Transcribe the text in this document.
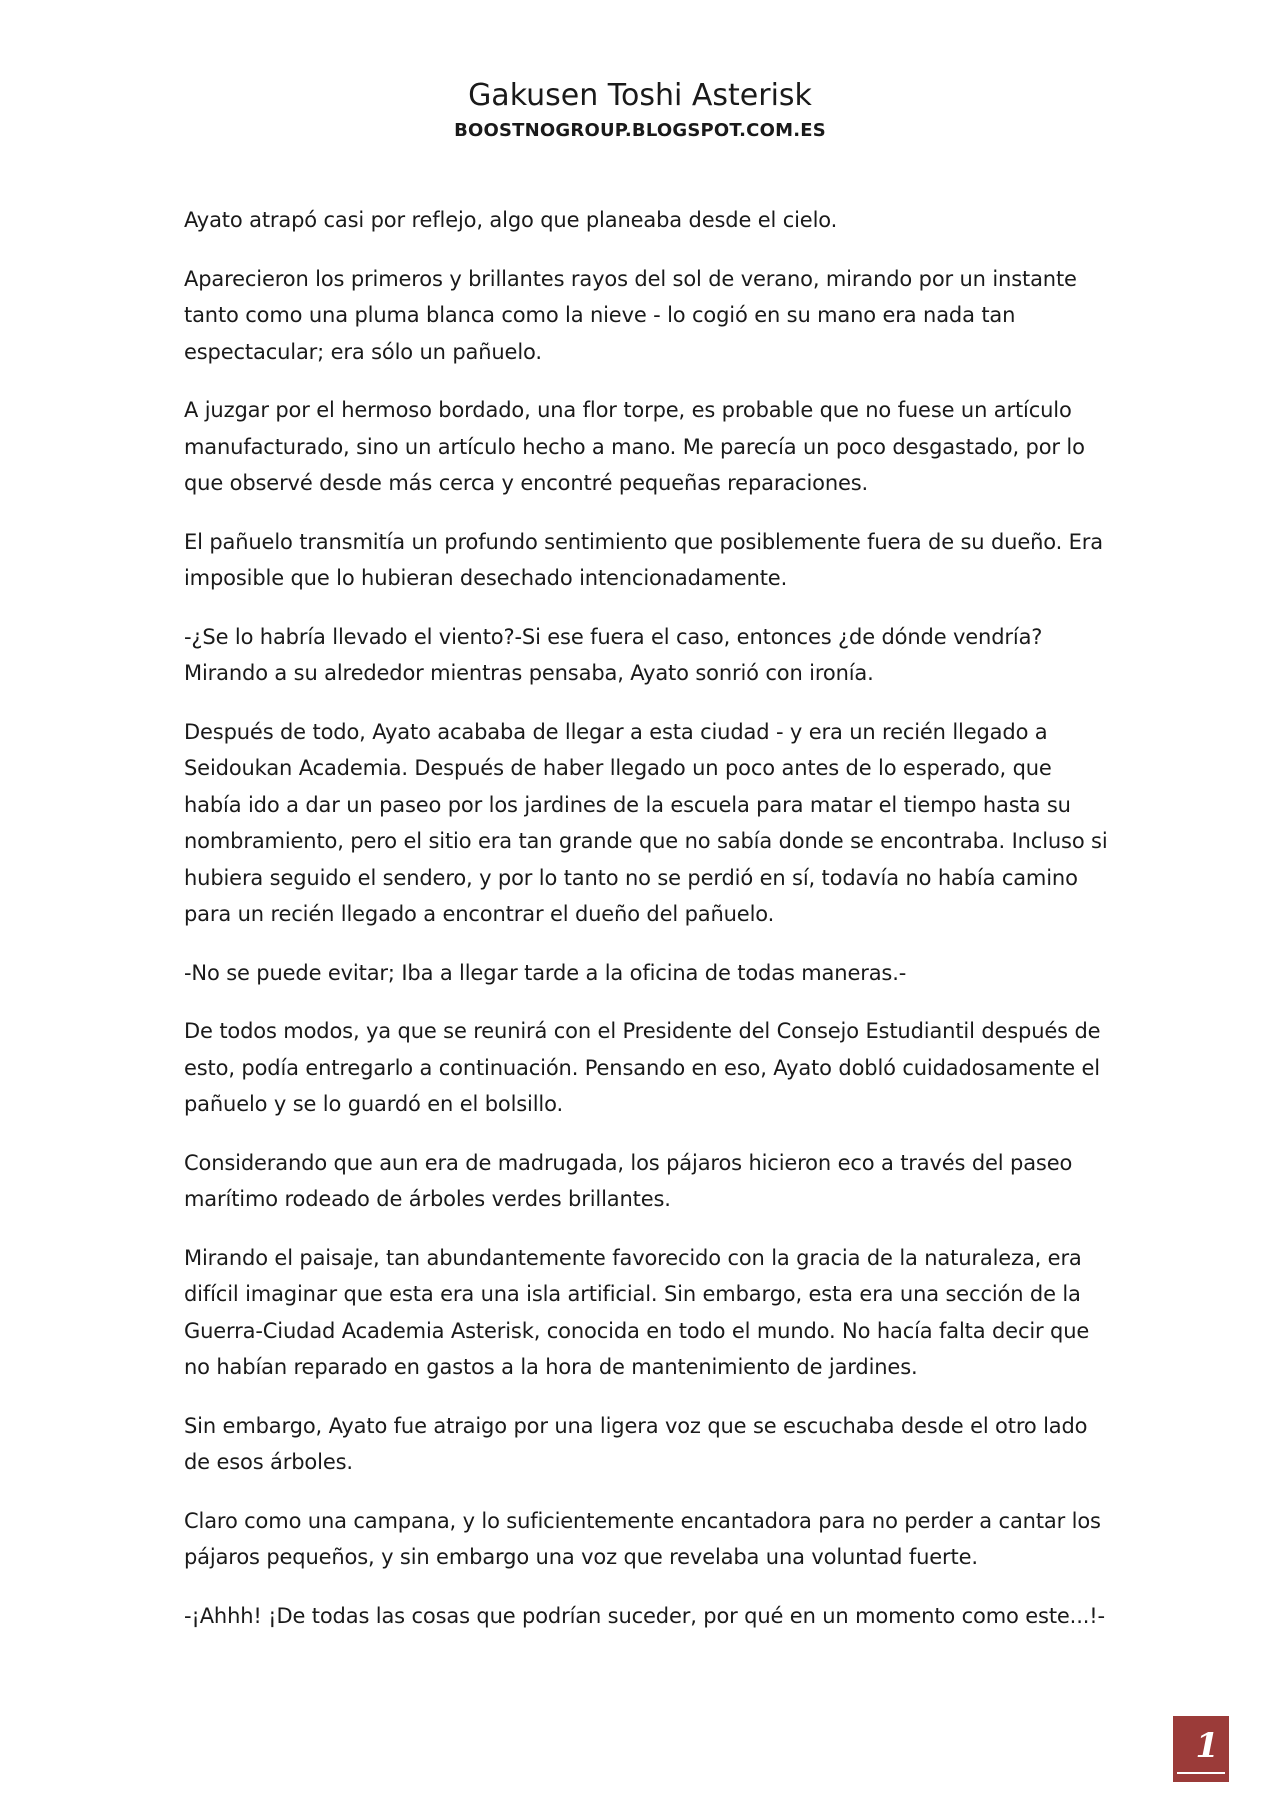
Gakusen Toshi Asterisk
BOOSTNOGROUP.BLOGSPOT.COM.ES

Ayato atrapó casi por reflejo, algo que planeaba desde el cielo.

Aparecieron los primeros y brillantes rayos del sol de verano, mirando por un instante tanto como una pluma blanca como la nieve - lo cogió en su mano era nada tan espectacular; era sólo un pañuelo.

A juzgar por el hermoso bordado, una flor torpe, es probable que no fuese un artículo manufacturado, sino un artículo hecho a mano. Me parecía un poco desgastado, por lo que observé desde más cerca y encontré pequeñas reparaciones.

El pañuelo transmitía un profundo sentimiento que posiblemente fuera de su dueño. Era imposible que lo hubieran desechado intencionadamente.

-¿Se lo habría llevado el viento?-Si ese fuera el caso, entonces ¿de dónde vendría? Mirando a su alrededor mientras pensaba, Ayato sonrió con ironía.

Después de todo, Ayato acababa de llegar a esta ciudad - y era un recién llegado a Seidoukan Academia. Después de haber llegado un poco antes de lo esperado, que había ido a dar un paseo por los jardines de la escuela para matar el tiempo hasta su nombramiento, pero el sitio era tan grande que no sabía donde se encontraba. Incluso si hubiera seguido el sendero, y por lo tanto no se perdió en sí, todavía no había camino para un recién llegado a encontrar el dueño del pañuelo.

-No se puede evitar; Iba a llegar tarde a la oficina de todas maneras.-

De todos modos, ya que se reunirá con el Presidente del Consejo Estudiantil después de esto, podía entregarlo a continuación. Pensando en eso, Ayato dobló cuidadosamente el pañuelo y se lo guardó en el bolsillo.

Considerando que aun era de madrugada, los pájaros hicieron eco a través del paseo marítimo rodeado de árboles verdes brillantes.

Mirando el paisaje, tan abundantemente favorecido con la gracia de la naturaleza, era difícil imaginar que esta era una isla artificial. Sin embargo, esta era una sección de la Guerra-Ciudad Academia Asterisk, conocida en todo el mundo. No hacía falta decir que no habían reparado en gastos a la hora de mantenimiento de jardines.

Sin embargo, Ayato fue atraigo por una ligera voz que se escuchaba desde el otro lado de esos árboles.

Claro como una campana, y lo suficientemente encantadora para no perder a cantar los pájaros pequeños, y sin embargo una voz que revelaba una voluntad fuerte.

-¡Ahhh! ¡De todas las cosas que podrían suceder, por qué en un momento como este...!-

1
